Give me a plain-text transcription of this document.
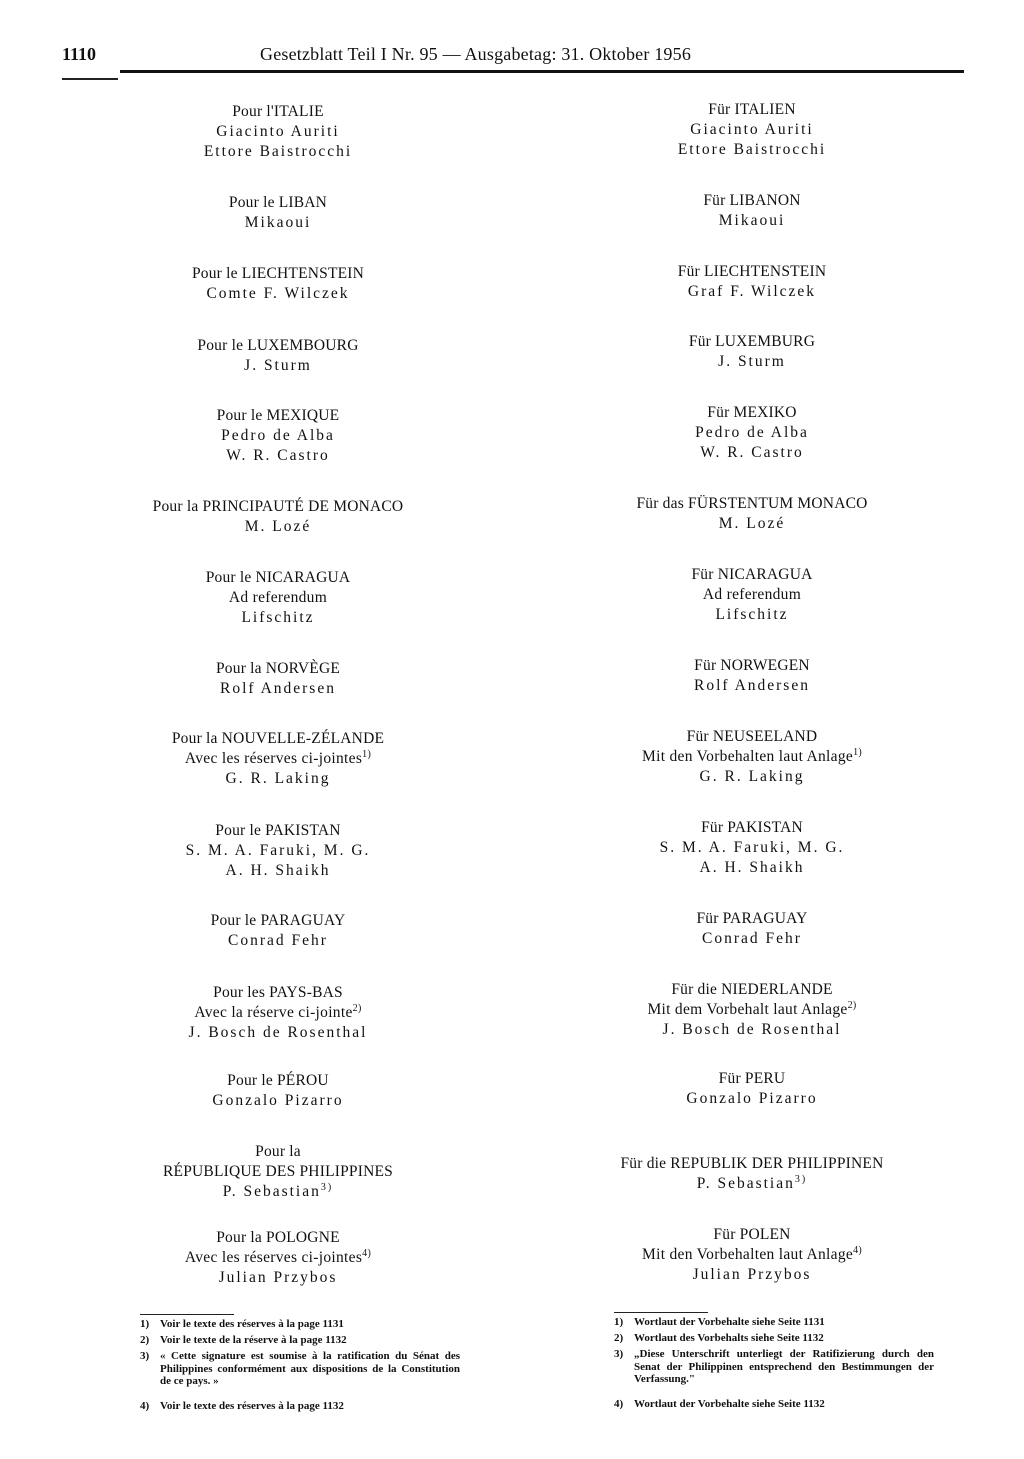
1110	Gesetzblatt Teil I Nr. 95 — Ausgabetag: 31. Oktober 1956
Pour l'ITALIE
Giacinto Auriti
Ettore Baistrocchi
Pour le LIBAN
Mikaoui
Pour le LIECHTENSTEIN
Comte F. Wilczek
Pour le LUXEMBOURG
J. Sturm
Pour le MEXIQUE
Pedro de Alba
W. R. Castro
Pour la PRINCIPAUTÉ DE MONACO
M. Lozé
Pour le NICARAGUA
Ad referendum
Lifschitz
Pour la NORVÈGE
Rolf Andersen
Pour la NOUVELLE-ZÉLANDE
Avec les réserves ci-jointes$^{1)}$
G. R. Laking
Pour le PAKISTAN
S. M. A. Faruki, M. G.
A. H. Shaikh
Pour le PARAGUAY
Conrad Fehr
Pour les PAYS-BAS
Avec la réserve ci-jointe$^{2)}$
J. Bosch de Rosenthal
Pour le PÉROU
Gonzalo Pizarro
Pour la
RÉPUBLIQUE DES PHILIPPINES
P. Sebastian$^{3)}$
Pour la POLOGNE
Avec les réserves ci-jointes$^{4)}$
Julian Przybos
Für ITALIEN
Giacinto Auriti
Ettore Baistrocchi
Für LIBANON
Mikaoui
Für LIECHTENSTEIN
Graf F. Wilczek
Für LUXEMBURG
J. Sturm
Für MEXIKO
Pedro de Alba
W. R. Castro
Für das FÜRSTENTUM MONACO
M. Lozé
Für NICARAGUA
Ad referendum
Lifschitz
Für NORWEGEN
Rolf Andersen
Für NEUSEELAND
Mit den Vorbehalten laut Anlage$^{1)}$
G. R. Laking
Für PAKISTAN
S. M. A. Faruki, M. G.
A. H. Shaikh
Für PARAGUAY
Conrad Fehr
Für die NIEDERLANDE
Mit dem Vorbehalt laut Anlage$^{2)}$
J. Bosch de Rosenthal
Für PERU
Gonzalo Pizarro
Für die REPUBLIK DER PHILIPPINEN
P. Sebastian$^{3)}$
Für POLEN
Mit den Vorbehalten laut Anlage$^{4)}$
Julian Przybos
1) Voir le texte des réserves à la page 1131
2) Voir le texte de la réserve à la page 1132
3) « Cette signature est soumise à la ratification du Sénat des Philippines conformément aux dispositions de la Constitution de ce pays. »
4) Voir le texte des réserves à la page 1132
1) Wortlaut der Vorbehalte siehe Seite 1131
2) Wortlaut des Vorbehalts siehe Seite 1132
3) „Diese Unterschrift unterliegt der Ratifizierung durch den Senat der Philippinen entsprechend den Bestimmungen der Verfassung."
4) Wortlaut der Vorbehalte siehe Seite 1132
